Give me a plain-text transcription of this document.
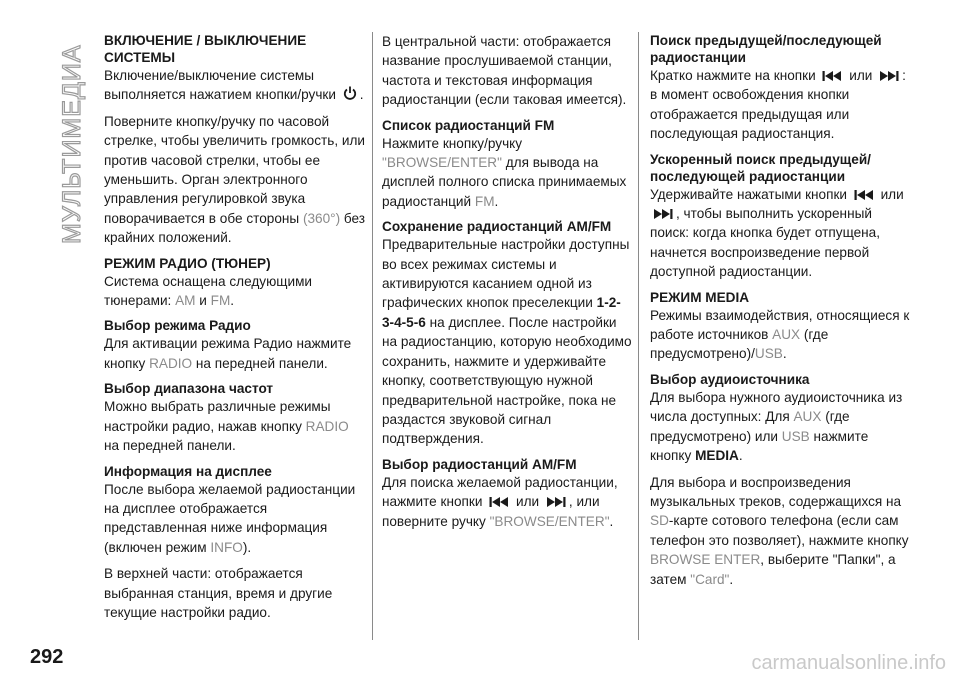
МУЛЬТИМЕДИА
ВКЛЮЧЕНИЕ / ВЫКЛЮЧЕНИЕ СИСТЕМЫ

Включение/выключение системы выполняется нажатием кнопки/ручки .

Поверните кнопку/ручку по часовой стрелке, чтобы увеличить громкость, или против часовой стрелки, чтобы ее уменьшить. Орган электронного управления регулировкой звука поворачивается в обе стороны (360°) без крайних положений.

РЕЖИМ РАДИО (ТЮНЕР)

Система оснащена следующими тюнерами: AM и FM.

Выбор режима Радио

Для активации режима Радио нажмите кнопку RADIO на передней панели.

Выбор диапазона частот

Можно выбрать различные режимы настройки радио, нажав кнопку RADIO на передней панели.

Информация на дисплее

После выбора желаемой радиостанции на дисплее отображается представленная ниже информация (включен режим INFO).

В верхней части: отображается выбранная станция, время и другие текущие настройки радио.

В центральной части: отображается название прослушиваемой станции, частота и текстовая информация радиостанции (если таковая имеется).

Список радиостанций FM

Нажмите кнопку/ручку "BROWSE/ENTER" для вывода на дисплей полного списка принимаемых радиостанций FM.

Сохранение радиостанций AM/FM

Предварительные настройки доступны во всех режимах системы и активируются касанием одной из графических кнопок преселекции 1-2-3-4-5-6 на дисплее. После настройки на радиостанцию, которую необходимо сохранить, нажмите и удерживайте кнопку, соответствующую нужной предварительной настройке, пока не раздастся звуковой сигнал подтверждения.

Выбор радиостанций AM/FM

Для поиска желаемой радиостанции, нажмите кнопки или , или поверните ручку "BROWSE/ENTER".

Поиск предыдущей/последующей радиостанции

Кратко нажмите на кнопки или : в момент освобождения кнопки отображается предыдущая или последующая радиостанция.

Ускоренный поиск предыдущей/ последующей радиостанции

Удерживайте нажатыми кнопки или
, чтобы выполнить ускоренный поиск: когда кнопка будет отпущена, начнется воспроизведение первой доступной радиостанции.

РЕЖИМ MEDIA

Режимы взаимодействия, относящиеся к работе источников AUX (где предусмотрено)/USB.

Выбор аудиоисточника

Для выбора нужного аудиоисточника из числа доступных: Для AUX (где предусмотрено) или USB нажмите кнопку MEDIA.

Для выбора и воспроизведения музыкальных треков, содержащихся на SD-карте сотового телефона (если сам телефон это позволяет), нажмите кнопку BROWSE ENTER, выберите "Папки", а затем "Card".

292	carmanualsonline.info
